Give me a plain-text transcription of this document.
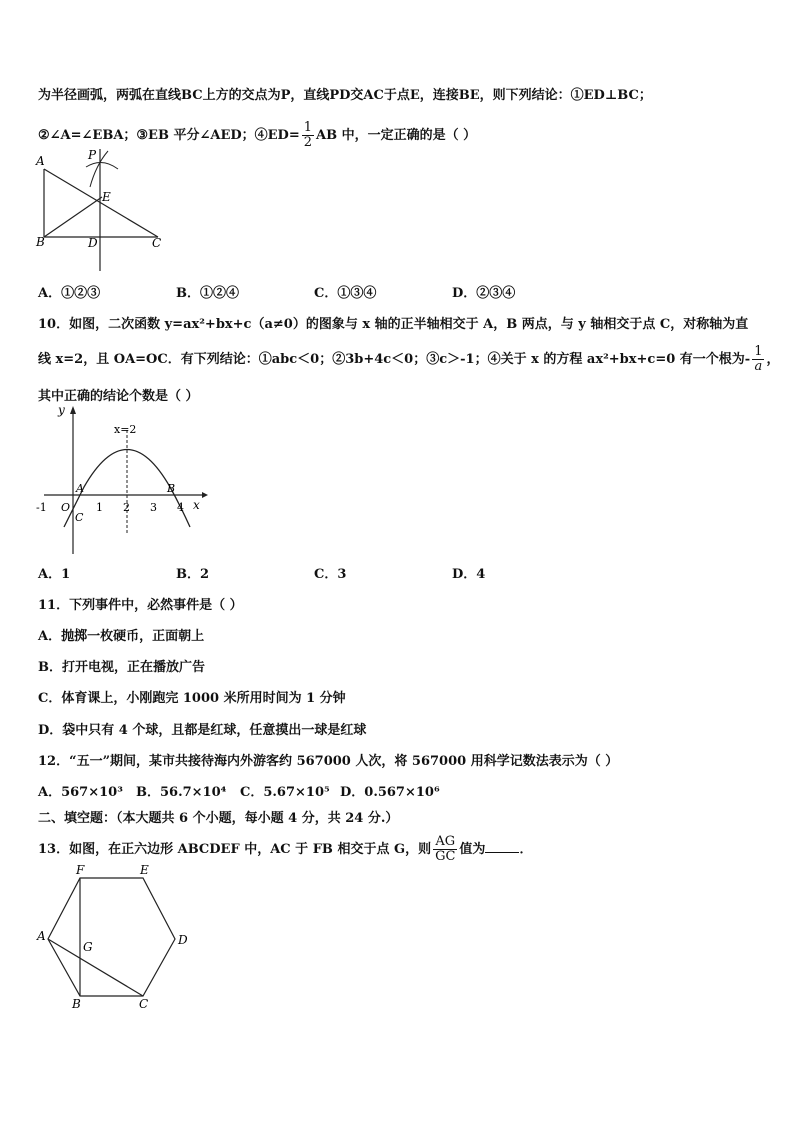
为半径画弧，两弧在直线BC上方的交点为P，直线PD交AC于点E，连接BE，则下列结论：①ED⊥BC；
②∠A=∠EBA；③EB 平分∠AED；④ED= $\frac{1}{2}$ AB 中，一定正确的是（ ）
A
B	C
D
E
P
A．①②③	B．①②④	C．①③④	D．②③④
10．如图，二次函数 y=ax²+bx+c（a≠0）的图象与 x 轴的正半轴相交于 A，B 两点，与 y 轴相交于点 C，对称轴为直
线 x=2，且 OA=OC．有下列结论：①abc＜0；②3b+4c＜0；③c＞-1；④关于 x 的方程 ax²+bx+c=0 有一个根为- $\frac{1}{a}$ ，
其中正确的结论个数是（ ）
y
x
x=2
A	B
C
O
-1	1 2 3 4
A．1	B．2	C．3	D．4
11．下列事件中，必然事件是（ ）
A．抛掷一枚硬币，正面朝上
B．打开电视，正在播放广告
C．体育课上，小刚跑完 1000 米所用时间为 1 分钟
D．袋中只有 4 个球，且都是红球，任意摸出一球是红球
12．“五一”期间，某市共接待海内外游客约 567000 人次，将 567000 用科学记数法表示为（ ）
A．567×10³ B．56.7×10⁴ C．5.67×10⁵ D．0.567×10⁶
二、填空题：（本大题共 6 个小题，每小题 4 分，共 24 分.）
13．如图，在正六边形 ABCDEF 中，AC 于 FB 相交于点 G，则 $\frac{AG}{GC}$ 值为	．
F	E
D
C
B
A
G
